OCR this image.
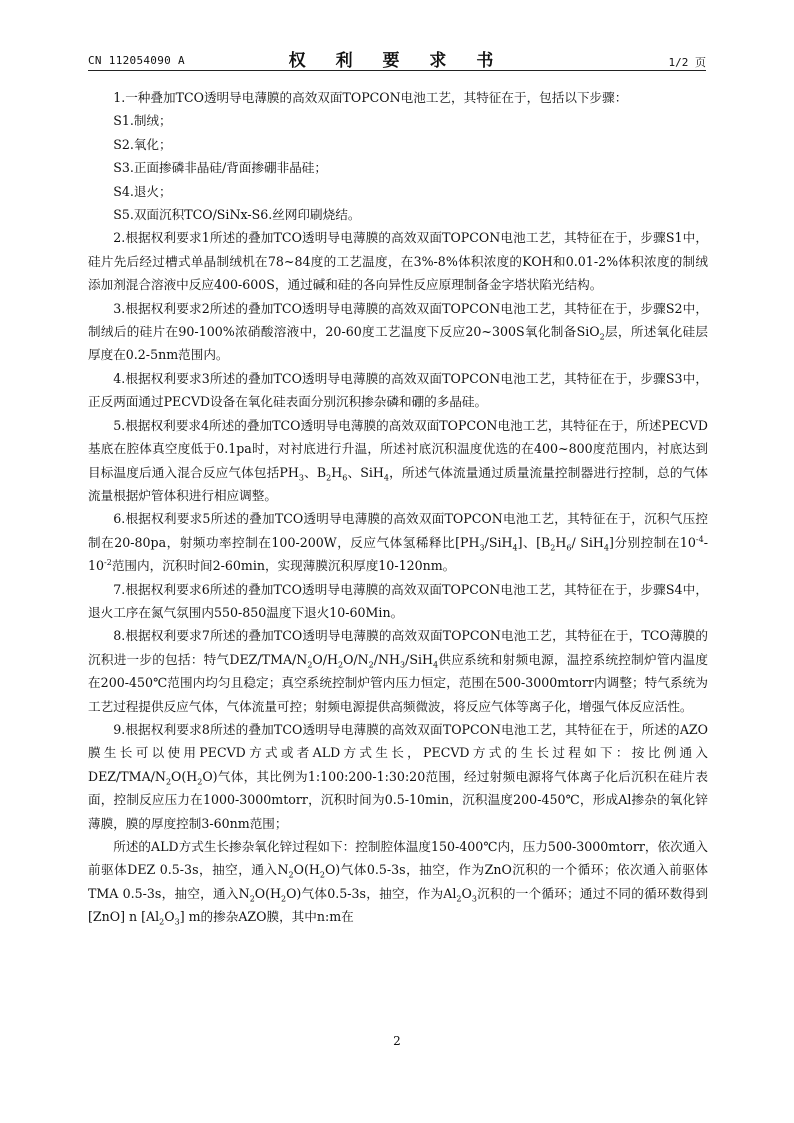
CN 112054090 A	权 利 要 求 书	1/2 页

1.一种叠加TCO透明导电薄膜的高效双面TOPCON电池工艺，其特征在于，包括以下步骤：

S1.制绒；

S2.氧化；

S3.正面掺磷非晶硅/背面掺硼非晶硅；

S4.退火；

S5.双面沉积TCO/SiNx-S6.丝网印刷烧结。

2.根据权利要求1所述的叠加TCO透明导电薄膜的高效双面TOPCON电池工艺，其特征在于，步骤S1中，硅片先后经过槽式单晶制绒机在78~84度的工艺温度，在3%-8%体积浓度的KOH和0.01-2%体积浓度的制绒添加剂混合溶液中反应400-600S，通过碱和硅的各向异性反应原理制备金字塔状陷光结构。

3.根据权利要求2所述的叠加TCO透明导电薄膜的高效双面TOPCON电池工艺，其特征在于，步骤S2中，制绒后的硅片在90-100%浓硝酸溶液中，20-60度工艺温度下反应20~300S氧化制备SiO$_2$层，所述氧化硅层厚度在0.2-5nm范围内。

4.根据权利要求3所述的叠加TCO透明导电薄膜的高效双面TOPCON电池工艺，其特征在于，步骤S3中，正反两面通过PECVD设备在氧化硅表面分别沉积掺杂磷和硼的多晶硅。

5.根据权利要求4所述的叠加TCO透明导电薄膜的高效双面TOPCON电池工艺，其特征在于，所述PECVD基底在腔体真空度低于0.1pa时，对衬底进行升温，所述衬底沉积温度优选的在400~800度范围内，衬底达到目标温度后通入混合反应气体包括$PH_3$、$B_2H_6$、SiH$_4$，所述气体流量通过质量流量控制器进行控制，总的气体流量根据炉管体积进行相应调整。

6.根据权利要求5所述的叠加TCO透明导电薄膜的高效双面TOPCON电池工艺，其特征在于，沉积气压控制在20-80pa，射频功率控制在100-200W，反应气体氢稀释比$[PH_3/SiH_4]$、[$B_2H_6/$ SiH$_4$]分别控制在$10^{-4}-10^{-2}$范围内，沉积时间2-60min，实现薄膜沉积厚度10-120nm。

7.根据权利要求6所述的叠加TCO透明导电薄膜的高效双面TOPCON电池工艺，其特征在于，步骤S4中，退火工序在氮气氛围内550-850温度下退火10-60Min。

8.根据权利要求7所述的叠加TCO透明导电薄膜的高效双面TOPCON电池工艺，其特征在于，TCO薄膜的沉积进一步的包括：特气DEZ/$TMA/N_2O/H_2O/N_2/NH_3/SiH_4$供应系统和射频电源，温控系统控制炉管内温度在200-450℃范围内均匀且稳定；真空系统控制炉管内压力恒定，范围在500-3000mtorr内调整；特气系统为工艺过程提供反应气体，气体流量可控；射频电源提供高频微波，将反应气体等离子化，增强气体反应活性。

9.根据权利要求8所述的叠加TCO透明导电薄膜的高效双面TOPCON电池工艺，其特征在于，所述的AZO膜生长可以使用PECVD方式或者ALD方式生长，PECVD方式的生长过程如下：按比例通入DEZ/$TMA/N_2O(H_2O)$气体，其比例为1:100:200-1:30:20范围，经过射频电源将气体离子化后沉积在硅片表面，控制反应压力在1000-3000mtorr，沉积时间为0.5-10min，沉积温度200-450℃，形成Al掺杂的氧化锌薄膜，膜的厚度控制3-60nm范围；

所述的ALD方式生长掺杂氧化锌过程如下：控制腔体温度150-400℃内，压力500-3000mtorr，依次通入前驱体DEZ 0.5-3s，抽空，通入$N_2O(H_2O)$气体0.5-3s，抽空，作为ZnO沉积的一个循环；依次通入前驱体TMA 0.5-3s，抽空，通入$N_2O(H_2O)$气体0.5-3s，抽空，作为$Al_2O_3$沉积的一个循环；通过不同的循环数得到[ZnO] n $[Al_2O_3]$ m的掺杂AZO膜，其中n:m在

2
